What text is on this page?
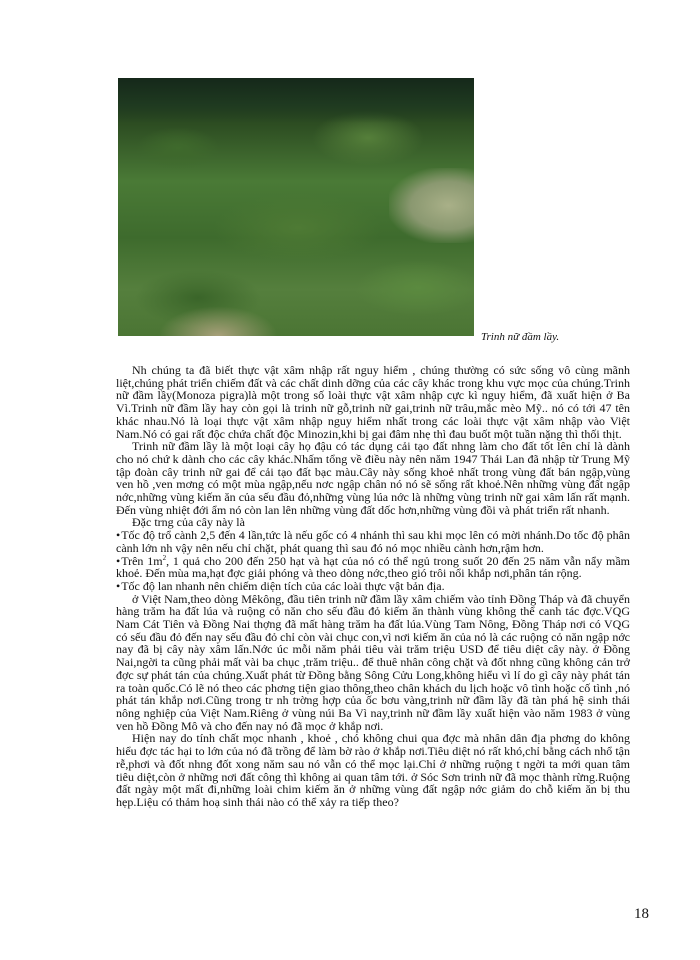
Trinh nữ đầm lầy.

Nh chúng ta đã biết thực vật xâm nhập rất nguy hiểm , chúng thường có sức sống vô cùng mãnh liệt,chúng phát triển chiếm đất và các chất dinh dỡng của các cây khác trong khu vực mọc của chúng.Trinh nữ đầm lầy(Monoza pigra)là một trong số loài thực vật xâm nhập cực kì nguy hiểm, đã xuất hiện ở Ba Vì.Trinh nữ đầm lầy hay còn gọi là trinh nữ gỗ,trinh nữ gai,trinh nữ trâu,mắc mèo Mỹ.. nó có tới 47 tên khác nhau.Nó là loại thực vật xâm nhập nguy hiểm nhất trong các loài thực vật xâm nhập vào Việt Nam.Nó có gai rất độc chứa chất độc Minozin,khi bị gai đâm nhẹ thì đau buốt một tuần nặng thì thối thịt.

Trinh nữ đầm lầy là một loại cây họ đậu có tác dụng cải tạo đất nhng làm cho đất tốt lên chỉ là dành cho nó chứ k dành cho các cây khác.Nhấm tổng về điều này nên năm 1947 Thái Lan đã nhập từ Trung Mỹ tập đoàn cây trinh nữ gai để cải tạo đất bạc màu.Cây này sống khoẻ nhất trong vùng đất bán ngập,vùng ven hồ ,ven mơng có một mùa ngập,nếu nơc ngập chân nó nó sẽ sống rất khoẻ.Nên những vùng đất ngập nớc,những vùng kiếm ăn của sếu đầu đỏ,những vùng lúa nớc là những vùng trinh nữ gai xâm lấn rất mạnh. Đến vùng nhiệt đới ẩm nó còn lan lên những vùng đất dốc hơn,những vùng đồi và phát triển rất nhanh.

Đặc trng của cây này là

• Tốc độ trổ cành 2,5 đến 4 lần,tức là nếu gốc có 4 nhánh thì sau khi mọc lên có mời nhánh.Do tốc độ phân cành lớn nh vậy nên nếu chỉ chặt, phát quang thì sau đó nó mọc nhiều cành hơn,rậm hơn.

• Trên $1m^2$, 1 quả cho 200 đến 250 hạt và hạt của nó có thể ngủ trong suốt 20 đến 25 năm vẫn nẩy mầm khoẻ. Đến mùa ma,hạt đợc giải phóng và theo dòng nớc,theo gió trôi nổi khắp nơi,phân tán rộng.

• Tốc độ lan nhanh nên chiếm diện tích của các loài thực vật bản địa.

ở Việt Nam,theo dòng Mêkông, đầu tiên trinh nữ đầm lầy xâm chiếm vào tỉnh Đồng Tháp và đã chuyển hàng trăm ha đất lúa và ruộng cỏ năn cho sếu đầu đỏ kiếm ăn thành vùng không thể canh tác đợc.VQG Nam Cát Tiên và Đồng Nai thợng đã mất hàng trăm ha đất lúa.Vùng Tam Nông, Đồng Tháp nơi có VQG có sếu đầu đỏ đến nay sếu đầu đỏ chỉ còn vài chục con,vì nơi kiếm ăn của nó là các ruộng cỏ năn ngập nớc nay đã bị cây này xâm lấn.Nớc úc mỗi năm phải tiêu vài trăm triệu USD để tiêu diệt cây này. ở Đồng Nai,ngời ta cũng phải mất vài ba chục ,trăm triệu.. để thuê nhân công chặt và đốt nhng cũng không cản trở đợc sự phát tán của chúng.Xuất phát từ Đồng bằng Sông Cửu Long,không hiểu vì lí do gì cây này phát tán ra toàn quốc.Có lẽ nó theo các phơng tiện giao thông,theo chân khách du lịch hoặc vô tình hoặc cố tình ,nó phát tán khắp nơi.Cũng trong tr nh trờng hợp của ốc bơu vàng,trinh nữ đầm lầy đã tàn phá hệ sinh thái nông nghiệp của Việt Nam.Riêng ở vùng núi Ba Vì nay,trinh nữ đầm lầy xuất hiện vào năm 1983 ở vùng ven hồ Đồng Mô và cho đến nay nó đã mọc ở khắp nơi.

Hiện nay do tính chất mọc nhanh , khoẻ , chó không chui qua đợc mà nhân dân địa phơng do không hiểu đợc tác hại to lớn của nó đã trồng để làm bờ rào ở khắp nơi.Tiêu diệt nó rất khó,chỉ bằng cách nhổ tận rễ,phơi và đốt nhng đốt xong năm sau nó vẫn có thể mọc lại.Chỉ ở những ruộng t ngời ta mới quan tâm tiêu diệt,còn ở những nơi đất công thì không ai quan tâm tới. ở Sóc Sơn trinh nữ đã mọc thành rừng.Ruộng đất ngày một mất đi,những loài chim kiếm ăn ở những vùng đất ngập nớc giảm do chỗ kiếm ăn bị thu hẹp.Liệu có thảm hoạ sinh thái nào có thể xảy ra tiếp theo?

18
